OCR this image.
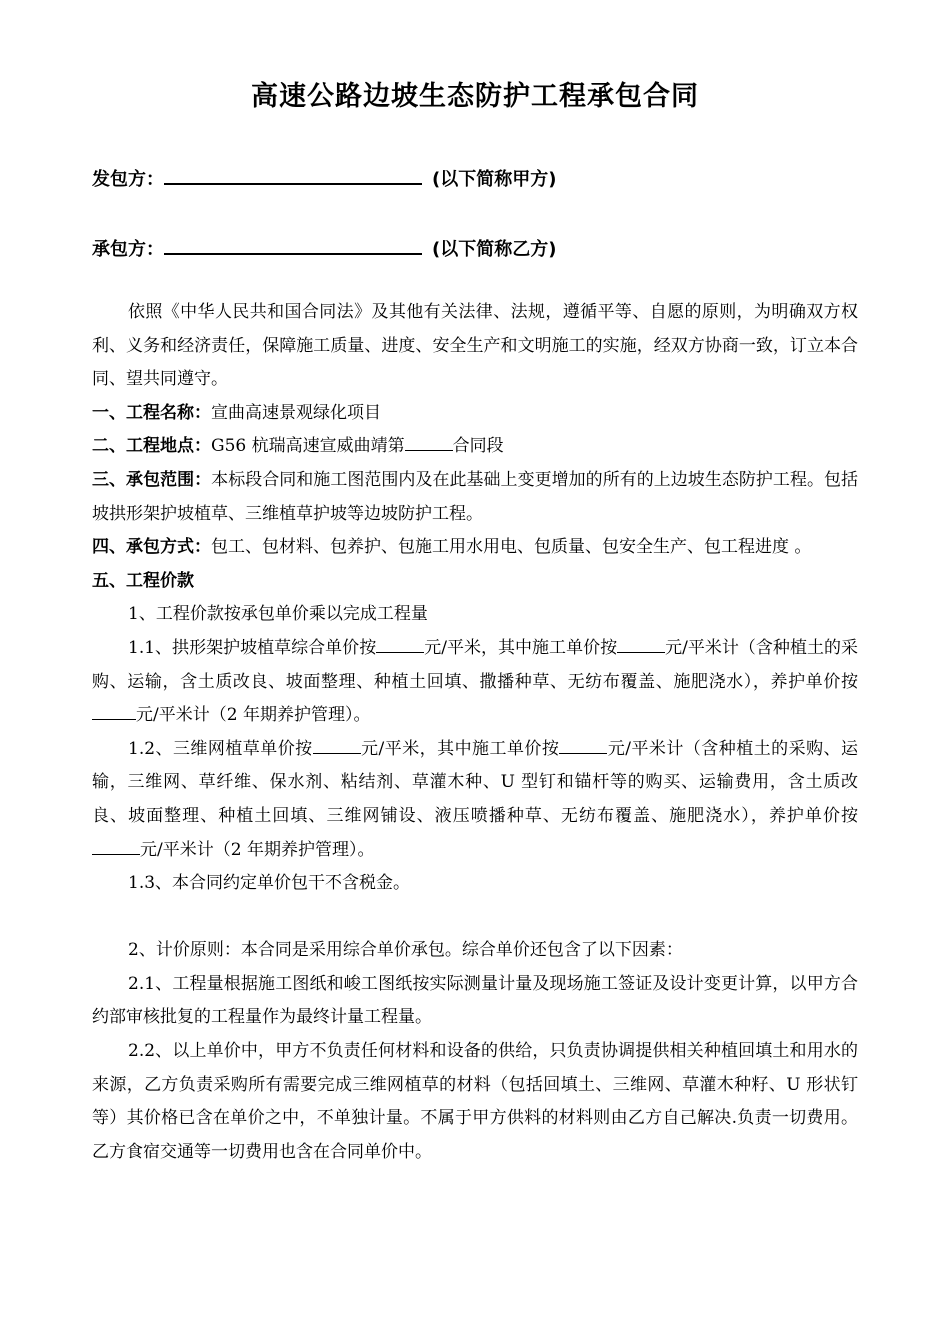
高速公路边坡生态防护工程承包合同
发包方：	(以下简称甲方)
承包方：	(以下简称乙方)

依照《中华人民共和国合同法》及其他有关法律、法规，遵循平等、自愿的原则，为明确双方权利、义务和经济责任，保障施工质量、进度、安全生产和文明施工的实施，经双方协商一致，订立本合同、望共同遵守。

一、工程名称：宣曲高速景观绿化项目

二、工程地点：G56 杭瑞高速宣威曲靖第	合同段

三、承包范围：本标段合同和施工图范围内及在此基础上变更增加的所有的上边坡生态防护工程。包括坡拱形架护坡植草、三维植草护坡等边坡防护工程。

四、承包方式：包工、包材料、包养护、包施工用水用电、包质量、包安全生产、包工程进度 。

五、工程价款

1、工程价款按承包单价乘以完成工程量

1.1、拱形架护坡植草综合单价按	元/平米，其中施工单价按	元/平米计（含种植土的采购、运输，含土质改良、坡面整理、种植土回填、撒播种草、无纺布覆盖、施肥浇水），养护单价按元/平米计（2 年期养护管理）。

1.2、三维网植草单价按	元/平米，其中施工单价按	元/平米计（含种植土的采购、运输，三维网、草纤维、保水剂、粘结剂、草灌木种、U 型钉和锚杆等的购买、运输费用，含土质改良、坡面整理、种植土回填、三维网铺设、液压喷播种草、无纺布覆盖、施肥浇水），养护单价按元/平米计（2 年期养护管理）。

1.3、本合同约定单价包干不含税金。

2、计价原则：本合同是采用综合单价承包。综合单价还包含了以下因素：

2.1、工程量根据施工图纸和峻工图纸按实际测量计量及现场施工签证及设计变更计算，以甲方合约部审核批复的工程量作为最终计量工程量。

2.2、以上单价中，甲方不负责任何材料和设备的供给，只负责协调提供相关种植回填土和用水的来源，乙方负责采购所有需要完成三维网植草的材料（包括回填土、三维网、草灌木种籽、U 形状钉等）其价格已含在单价之中，不单独计量。不属于甲方供料的材料则由乙方自己解决.负责一切费用。乙方食宿交通等一切费用也含在合同单价中。
